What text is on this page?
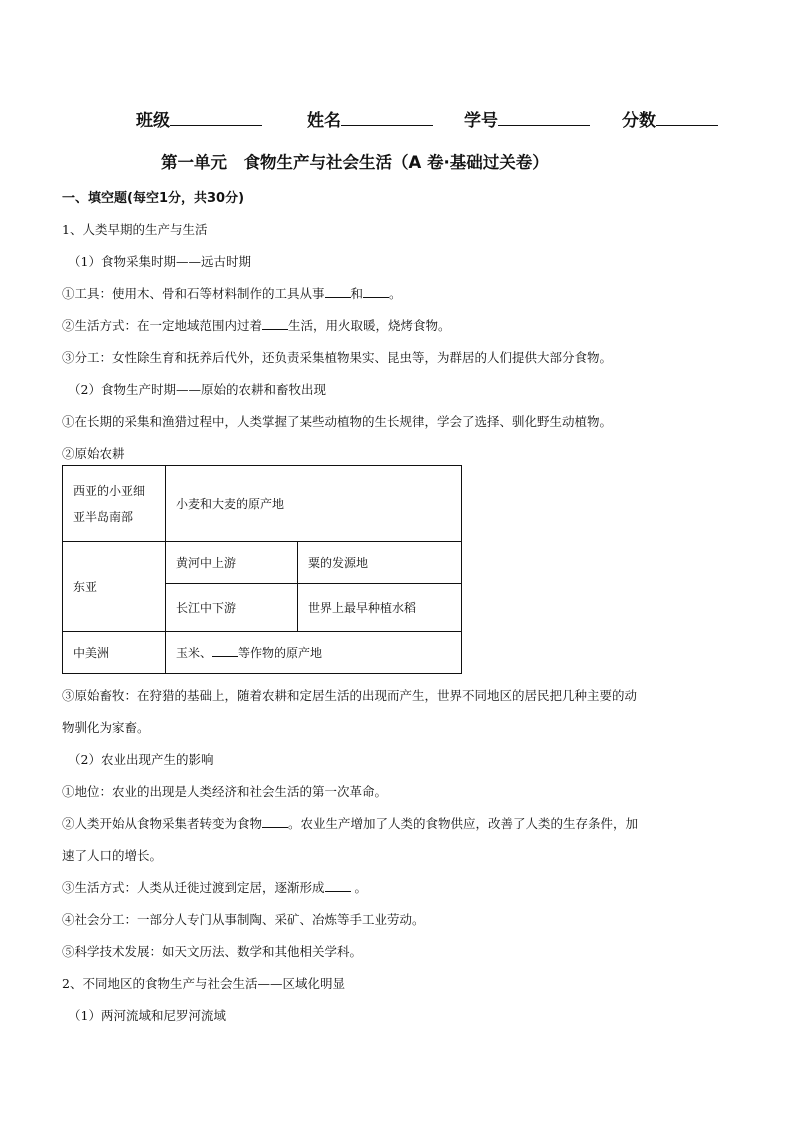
班级	姓名	学号	分数
第一单元　食物生产与社会生活（A 卷·基础过关卷）
一、填空题(每空1分，共30分)
1、人类早期的生产与生活
（1）食物采集时期——远古时期
①工具：使用木、骨和石等材料制作的工具从事 和 。
②生活方式：在一定地域范围内过着 生活，用火取暖，烧烤食物。
③分工：女性除生育和抚养后代外，还负责采集植物果实、昆虫等，为群居的人们提供大部分食物。
（2）食物生产时期——原始的农耕和畜牧出现
①在长期的采集和渔猎过程中，人类掌握了某些动植物的生长规律，学会了选择、驯化野生动植物。
②原始农耕
西亚的小亚细亚半岛南部	小麦和大麦的原产地	
东亚	黄河中上游	粟的发源地
	长江中下游	世界上最早种植水稻
中美洲	玉米、 等作物的原产地	
③原始畜牧：在狩猎的基础上，随着农耕和定居生活的出现而产生，世界不同地区的居民把几种主要的动
物驯化为家畜。
（2）农业出现产生的影响
①地位：农业的出现是人类经济和社会生活的第一次革命。
②人类开始从食物采集者转变为食物 。农业生产增加了人类的食物供应，改善了人类的生存条件，加
速了人口的增长。
③生活方式：人类从迁徙过渡到定居，逐渐形成 。
④社会分工：一部分人专门从事制陶、采矿、冶炼等手工业劳动。
⑤科学技术发展：如天文历法、数学和其他相关学科。
2、不同地区的食物生产与社会生活——区域化明显
（1）两河流域和尼罗河流域
